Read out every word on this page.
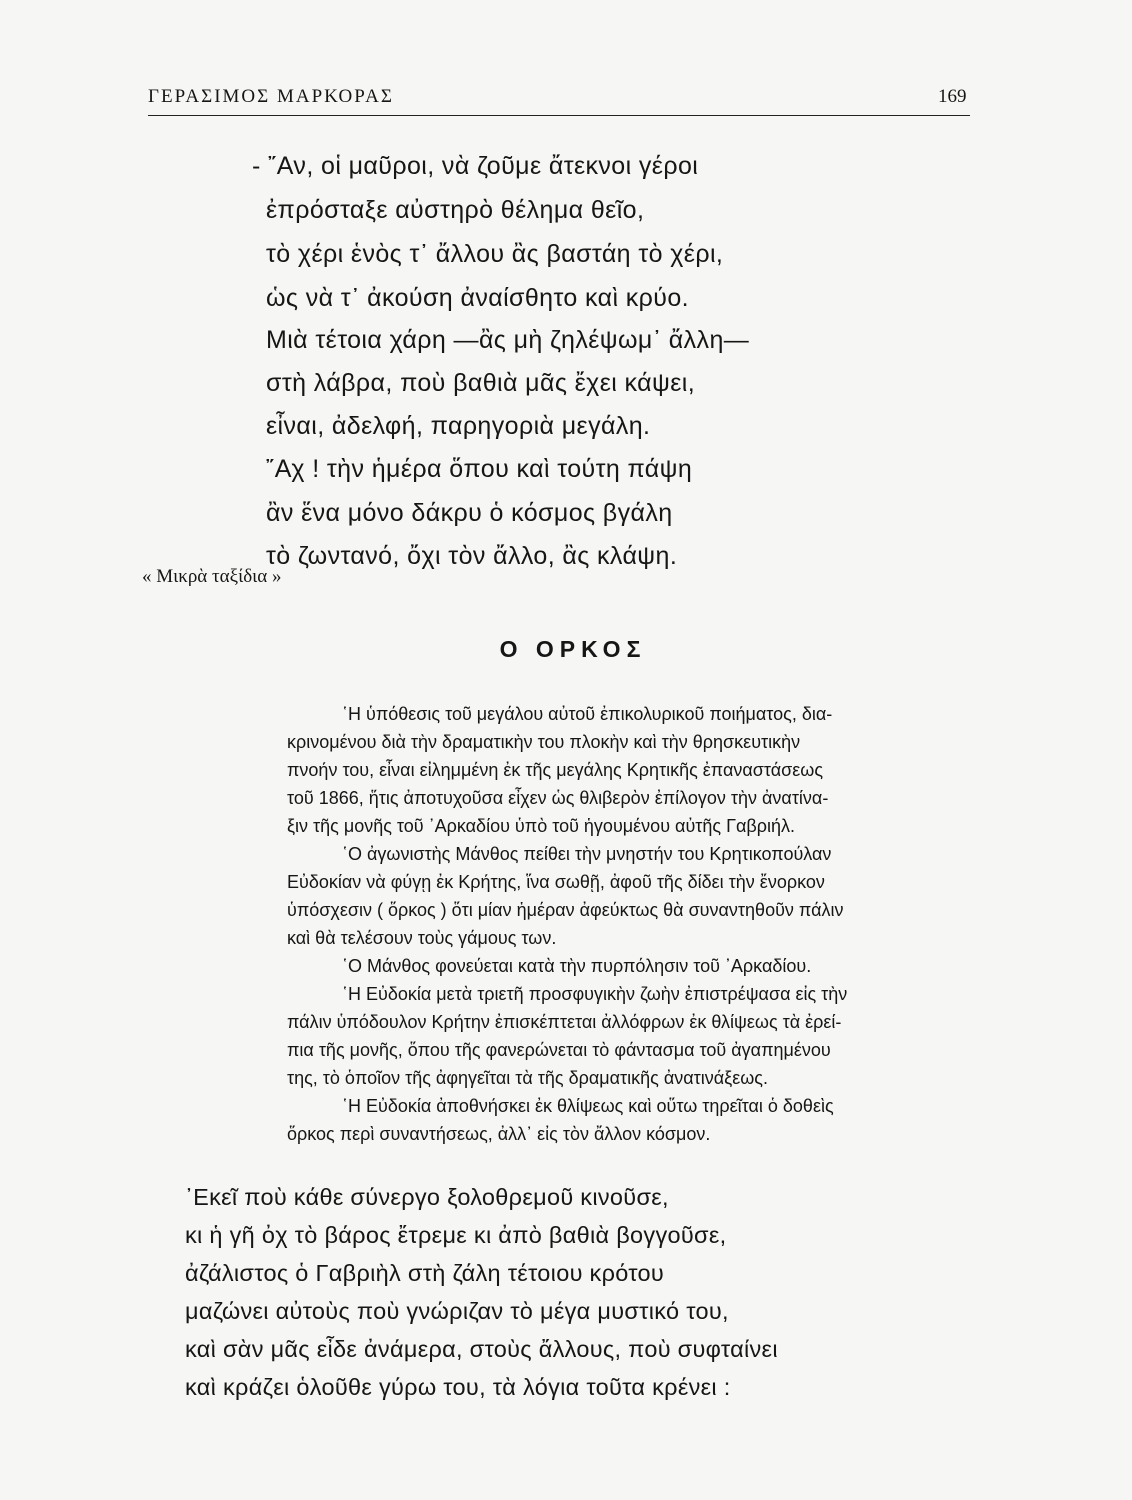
ΓΕΡΑΣΙΜΟΣ ΜΑΡΚΟΡΑΣ	169
- ῎Αν, οἱ μαῦροι, νὰ ζοῦμε ἄτεκνοι γέροι
ἐπρόσταξε αὐστηρὸ θέλημα θεῖο,
τὸ χέρι ἑνὸς τ᾿ ἄλλου ἂς βαστάη τὸ χέρι,
ὡς νὰ τ᾿ ἀκούση ἀναίσθητο καὶ κρύο.
Μιὰ τέτοια χάρη —ἂς μὴ ζηλέψωμ᾿ ἄλλη—
στὴ λάβρα, ποὺ βαθιὰ μᾶς ἔχει κάψει,
εἶναι, ἀδελφή, παρηγοριὰ μεγάλη.
῎Αχ ! τὴν ἡμέρα ὅπου καὶ τούτη πάψη
ἂν ἕνα μόνο δάκρυ ὁ κόσμος βγάλη
τὸ ζωντανό, ὄχι τὸν ἄλλο, ἂς κλάψη.
« Μικρὰ ταξίδια »
Ο ΟΡΚΟΣ
῾Η ὑπόθεσις τοῦ μεγάλου αὐτοῦ ἐπικολυρικοῦ ποιήματος, δια-
κρινομένου διὰ τὴν δραματικὴν του πλοκὴν καὶ τὴν θρησκευτικὴν
πνοήν του, εἶναι εἰλημμένη ἐκ τῆς μεγάλης Κρητικῆς ἐπαναστάσεως
τοῦ 1866, ἥτις ἀποτυχοῦσα εἶχεν ὡς θλιβερὸν ἐπίλογον τὴν ἀνατίνα-
ξιν τῆς μονῆς τοῦ ᾿Αρκαδίου ὑπὸ τοῦ ἡγουμένου αὐτῆς Γαβριήλ.
῾Ο ἀγωνιστὴς Μάνθος πείθει τὴν μνηστήν του Κρητικοπούλαν
Εὐδοκίαν νὰ φύγῃ ἐκ Κρήτης, ἵνα σωθῇ, ἀφοῦ τῆς δίδει τὴν ἔνορκον
ὑπόσχεσιν ( ὅρκος ) ὅτι μίαν ἡμέραν ἀφεύκτως θὰ συναντηθοῦν πάλιν
καὶ θὰ τελέσουν τοὺς γάμους των.
῾Ο Μάνθος φονεύεται κατὰ τὴν πυρπόλησιν τοῦ ᾿Αρκαδίου.
῾Η Εὐδοκία μετὰ τριετῆ προσφυγικὴν ζωὴν ἐπιστρέψασα εἰς τὴν
πάλιν ὑπόδουλον Κρήτην ἐπισκέπτεται ἀλλόφρων ἐκ θλίψεως τὰ ἐρεί-
πια τῆς μονῆς, ὅπου τῆς φανερώνεται τὸ φάντασμα τοῦ ἀγαπημένου
της, τὸ ὁποῖον τῆς ἀφηγεῖται τὰ τῆς δραματικῆς ἀνατινάξεως.
῾Η Εὐδοκία ἀποθνήσκει ἐκ θλίψεως καὶ οὕτω τηρεῖται ὁ δοθεὶς
ὅρκος περὶ συναντήσεως, ἀλλ᾿ εἰς τὸν ἄλλον κόσμον.
᾿Εκεῖ ποὺ κάθε σύνεργο ξολοθρεμοῦ κινοῦσε,
κι ἡ γῆ ὀχ τὸ βάρος ἔτρεμε κι ἀπὸ βαθιὰ βογγοῦσε,
ἀζάλιστος ὁ Γαβριὴλ στὴ ζάλη τέτοιου κρότου
μαζώνει αὐτοὺς ποὺ γνώριζαν τὸ μέγα μυστικό του,
καὶ σὰν μᾶς εἶδε ἀνάμερα, στοὺς ἄλλους, ποὺ συφταίνει
καὶ κράζει ὁλοῦθε γύρω του, τὰ λόγια τοῦτα κρένει :
